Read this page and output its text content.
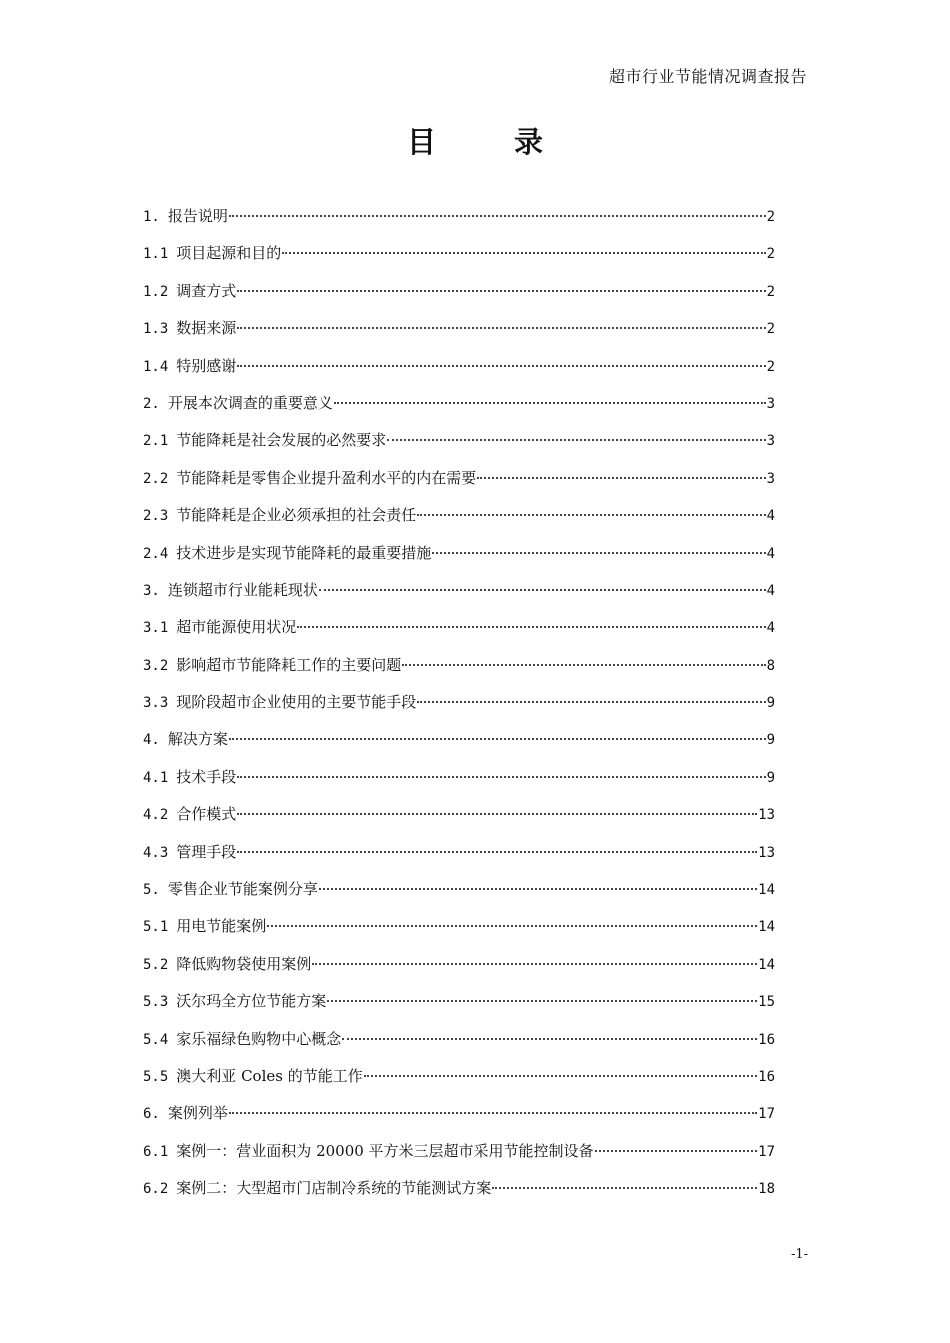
超市行业节能情况调查报告
目 录
1. 报告说明	2
1.1 项目起源和目的	2
1.2 调查方式	2
1.3 数据来源	2
1.4 特别感谢	2
2. 开展本次调查的重要意义	3
2.1 节能降耗是社会发展的必然要求	3
2.2 节能降耗是零售企业提升盈利水平的内在需要	3
2.3 节能降耗是企业必须承担的社会责任	4
2.4 技术进步是实现节能降耗的最重要措施	4
3. 连锁超市行业能耗现状	4
3.1 超市能源使用状况	4
3.2 影响超市节能降耗工作的主要问题	8
3.3 现阶段超市企业使用的主要节能手段	9
4. 解决方案	9
4.1 技术手段	9
4.2 合作模式	13
4.3 管理手段	13
5. 零售企业节能案例分享	14
5.1 用电节能案例	14
5.2 降低购物袋使用案例	14
5.3 沃尔玛全方位节能方案	15
5.4 家乐福绿色购物中心概念	16
5.5 澳大利亚 Coles 的节能工作	16
6. 案例列举	17
6.1 案例一：营业面积为 20000 平方米三层超市采用节能控制设备	17
6.2 案例二：大型超市门店制冷系统的节能测试方案	18
-1-
